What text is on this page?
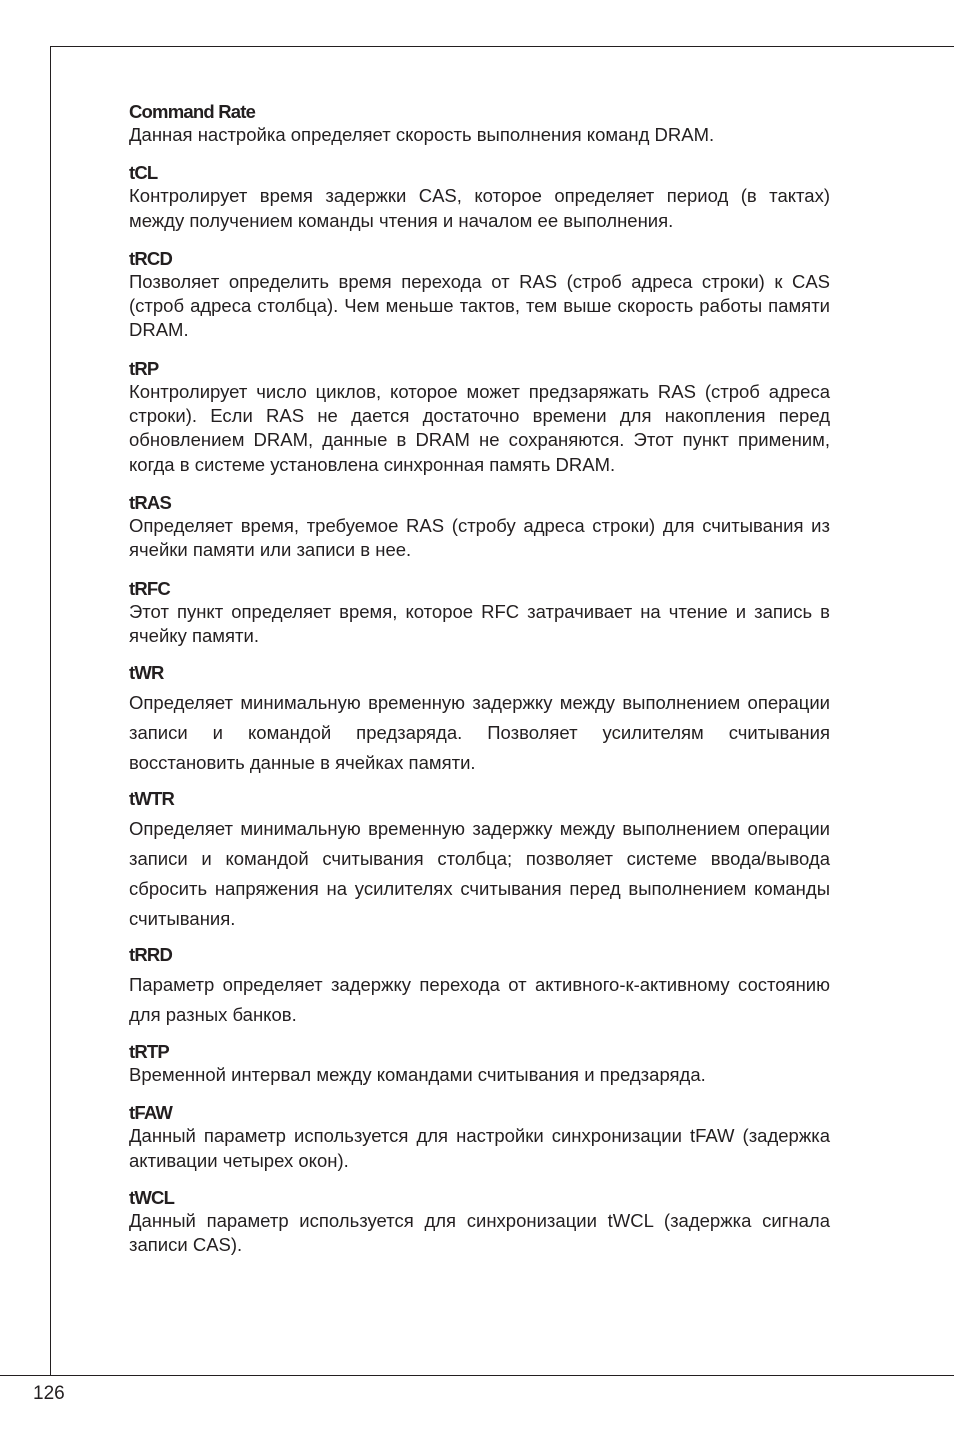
Command Rate

Данная настройка определяет скорость выполнения команд DRAM.

tCL

Контролирует время задержки CAS, которое определяет период (в тактах) между получением команды чтения и началом ее выполнения.

tRCD

Позволяет определить время перехода от RAS (строб адреса строки) к CAS (строб адреса столбца). Чем меньше тактов, тем выше скорость работы памяти DRAM.

tRP

Контролирует число циклов, которое может предзаряжать RAS (строб адреса строки). Если RAS не дается достаточно времени для накопления перед обновлением DRAM, данные в DRAM не сохраняются. Этот пункт применим, когда в системе установлена синхронная память DRAM.

tRAS

Определяет время, требуемое RAS (стробу адреса строки) для считывания из ячейки памяти или записи в нее.

tRFC

Этот пункт определяет время, которое RFC затрачивает на чтение и запись в ячейку памяти.

tWR

Определяет минимальную временную задержку между выполнением операции записи и командой предзаряда. Позволяет усилителям считывания восстановить данные в ячейках памяти.

tWTR

Определяет минимальную временную задержку между выполнением операции записи и командой считывания столбца; позволяет системе ввода/вывода сбросить напряжения на усилителях считывания перед выполнением команды считывания.

tRRD

Параметр определяет задержку перехода от активного-к-активному состоянию для разных банков.

tRTP

Временной интервал между командами считывания и предзаряда.

tFAW

Данный параметр используется для настройки синхронизации tFAW (задержка активации четырех окон).

tWCL

Данный параметр используется для синхронизации tWCL (задержка сигнала записи CAS).

126
